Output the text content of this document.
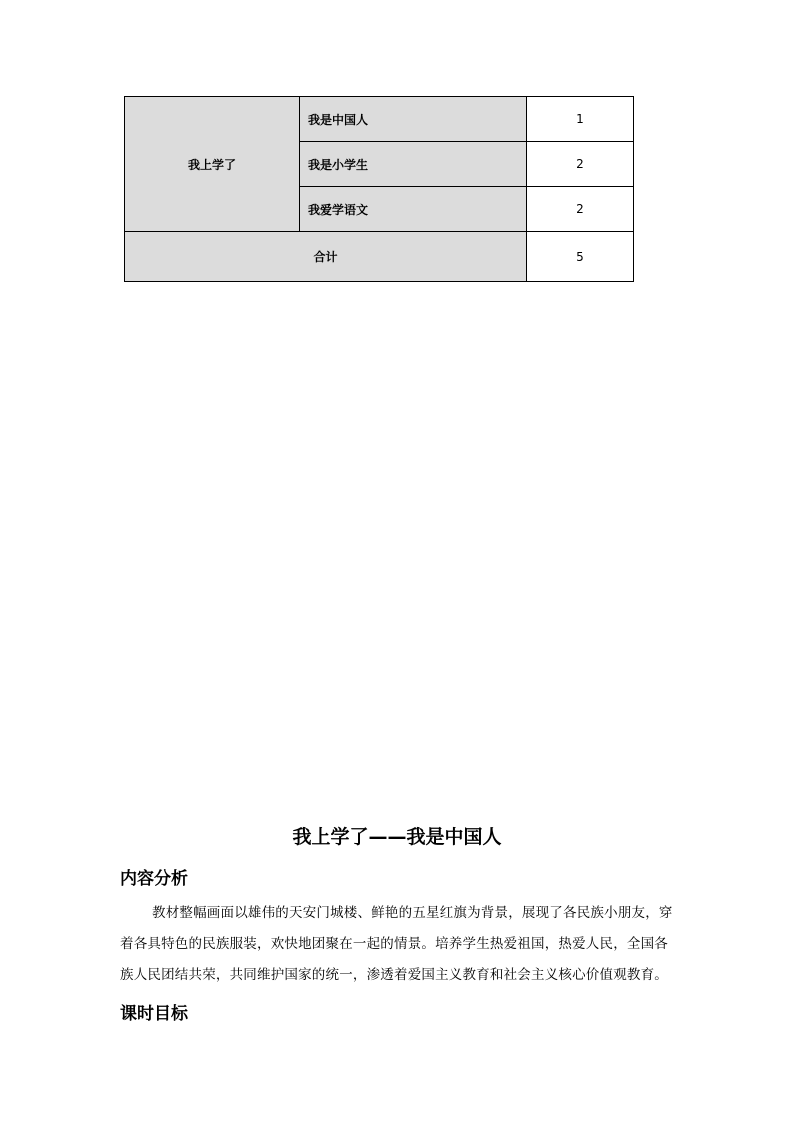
我上学了	我是中国人	1
	我是小学生	2
	我爱学语文	2
合计		5
我上学了——我是中国人
内容分析

教材整幅画面以雄伟的天安门城楼、鲜艳的五星红旗为背景，展现了各民族小朋友，穿着各具特色的民族服装，欢快地团聚在一起的情景。培养学生热爱祖国，热爱人民，全国各族人民团结共荣，共同维护国家的统一，渗透着爱国主义教育和社会主义核心价值观教育。

课时目标
